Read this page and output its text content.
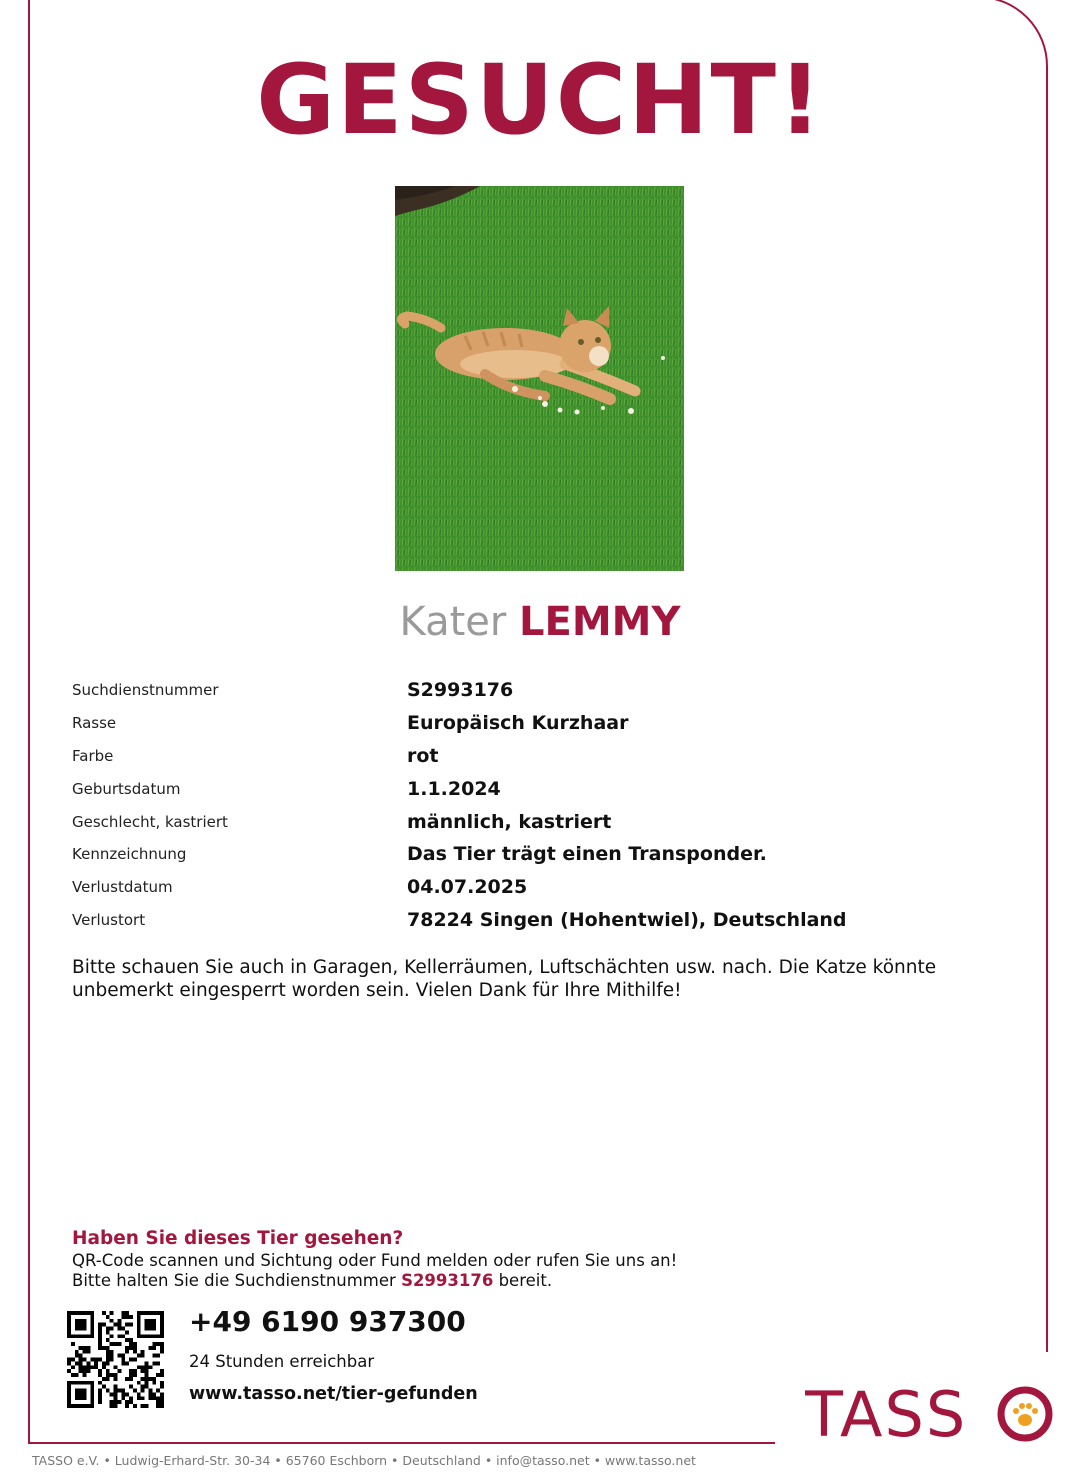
GESUCHT!
Kater LEMMY
Suchdienstnummer	S2993176
Rasse	Europäisch Kurzhaar
Farbe	rot
Geburtsdatum	1.1.2024
Geschlecht, kastriert	männlich, kastriert
Kennzeichnung	Das Tier trägt einen Transponder.
Verlustdatum	04.07.2025
Verlustort	78224 Singen (Hohentwiel), Deutschland

Bitte schauen Sie auch in Garagen, Kellerräumen, Luftschächten usw. nach. Die Katze könnte unbemerkt eingesperrt worden sein. Vielen Dank für Ihre Mithilfe!

Haben Sie dieses Tier gesehen?
QR-Code scannen und Sichtung oder Fund melden oder rufen Sie uns an!
Bitte halten Sie die Suchdienstnummer S2993176 bereit.
+49 6190 937300
24 Stunden erreichbar
www.tasso.net/tier-gefunden	TASS
TASSO e.V. • Ludwig-Erhard-Str. 30-34 • 65760 Eschborn • Deutschland • info@tasso.net • www.tasso.net
